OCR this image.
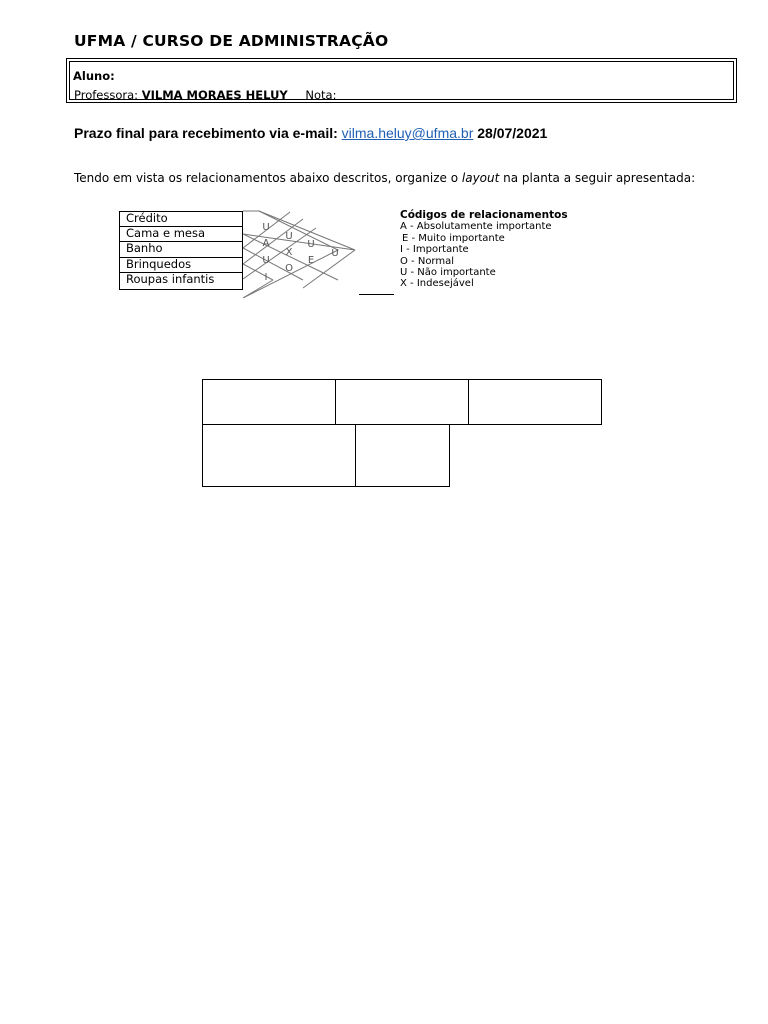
UFMA / CURSO DE ADMINISTRAÇÃO
Aluno:
Professora: VILMA MORAES HELUY Nota:
Prazo final para recebimento via e-mail: vilma.heluy@ufma.br 28/07/2021
Tendo em vista os relacionamentos abaixo descritos, organize o layout na planta a seguir apresentada:
Crédito
Cama e mesa
Banho
Brinquedos
Roupas infantis
U
U
U
U
A
X
E
U
O
I
Códigos de relacionamentos
A - Absolutamente importante
E - Muito importante
I - Importante
O - Normal
U - Não importante
X - Indesejável
